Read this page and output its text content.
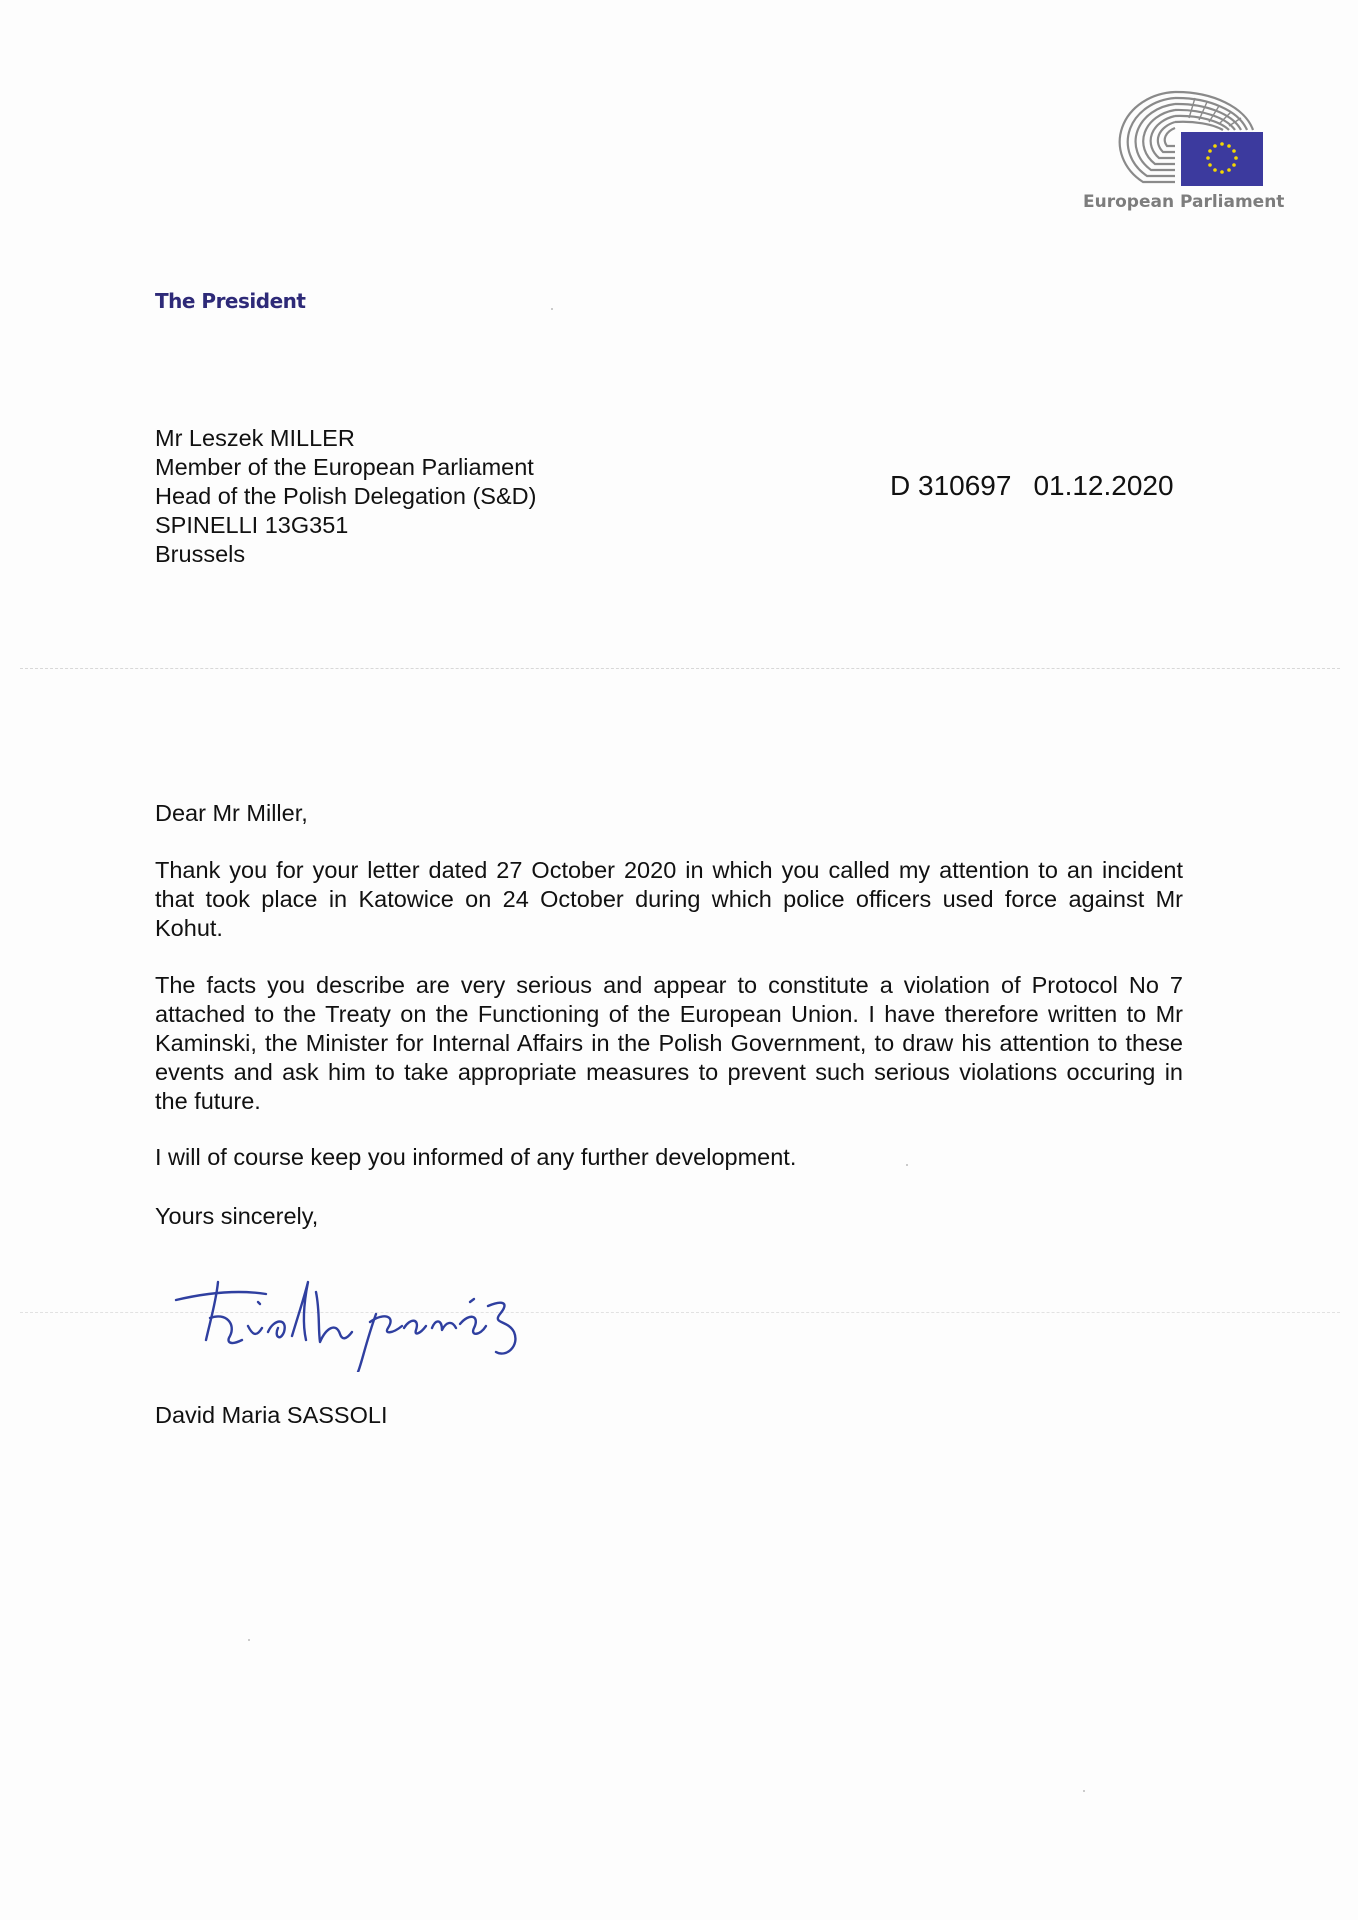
European Parliament
The President
Mr Leszek MILLER
Member of the European Parliament
Head of the Polish Delegation (S&D)
SPINELLI 13G351
Brussels
D 310697 01.12.2020
Dear Mr Miller,
Thank you for your letter dated 27 October 2020 in which you called my attention to an incident that took place in Katowice on 24 October during which police officers used force against Mr Kohut.
The facts you describe are very serious and appear to constitute a violation of Protocol No 7 attached to the Treaty on the Functioning of the European Union. I have therefore written to Mr Kaminski, the Minister for Internal Affairs in the Polish Government, to draw his attention to these events and ask him to take appropriate measures to prevent such serious violations occuring in the future.
I will of course keep you informed of any further development.
Yours sincerely,
David Maria SASSOLI
